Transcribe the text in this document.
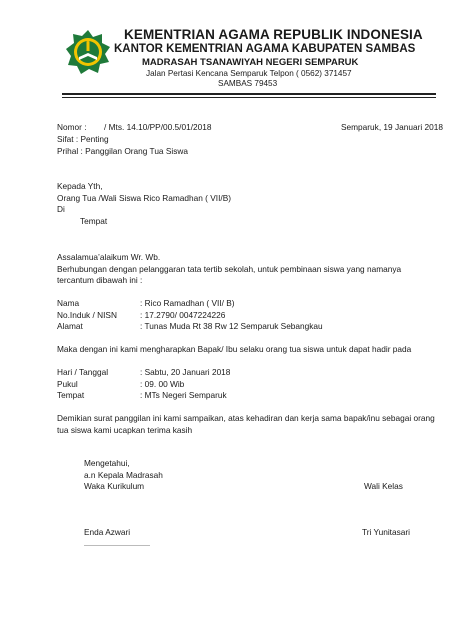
KEMENTRIAN AGAMA REPUBLIK INDONESIA
KANTOR KEMENTRIAN AGAMA KABUPATEN SAMBAS
MADRASAH TSANAWIYAH NEGERI SEMPARUK
Jalan Pertasi Kencana Semparuk Telpon ( 0562) 371457
SAMBAS 79453
Nomor : / Mts. 14.10/PP/00.5/01/2018	Semparuk, 19 Januari 2018
Sifat : Penting
Prihal : Panggilan Orang Tua Siswa
Kepada Yth,
Orang Tua /Wali Siswa Rico Ramadhan ( VII/B)
Di
Tempat
Assalamua’alaikum Wr. Wb.
Berhubungan dengan pelanggaran tata tertib sekolah, untuk pembinaan siswa yang namanya
tercantum dibawah ini :
Nama	: Rico Ramadhan ( VII/ B)
No.Induk / NISN	: 17.2790/ 0047224226
Alamat	: Tunas Muda Rt 38 Rw 12 Semparuk Sebangkau
Maka dengan ini kami mengharapkan Bapak/ Ibu selaku orang tua siswa untuk dapat hadir pada
Hari / Tanggal	: Sabtu, 20 Januari 2018
Pukul	: 09. 00 Wib
Tempat	: MTs Negeri Semparuk
Demikian surat panggilan ini kami sampaikan, atas kehadiran dan kerja sama bapak/inu sebagai orang
tua siswa kami ucapkan terima kasih
Mengetahui,
a.n Kepala Madrasah
Waka Kurikulum	Wali Kelas
Enda Azwari	Tri Yunitasari
